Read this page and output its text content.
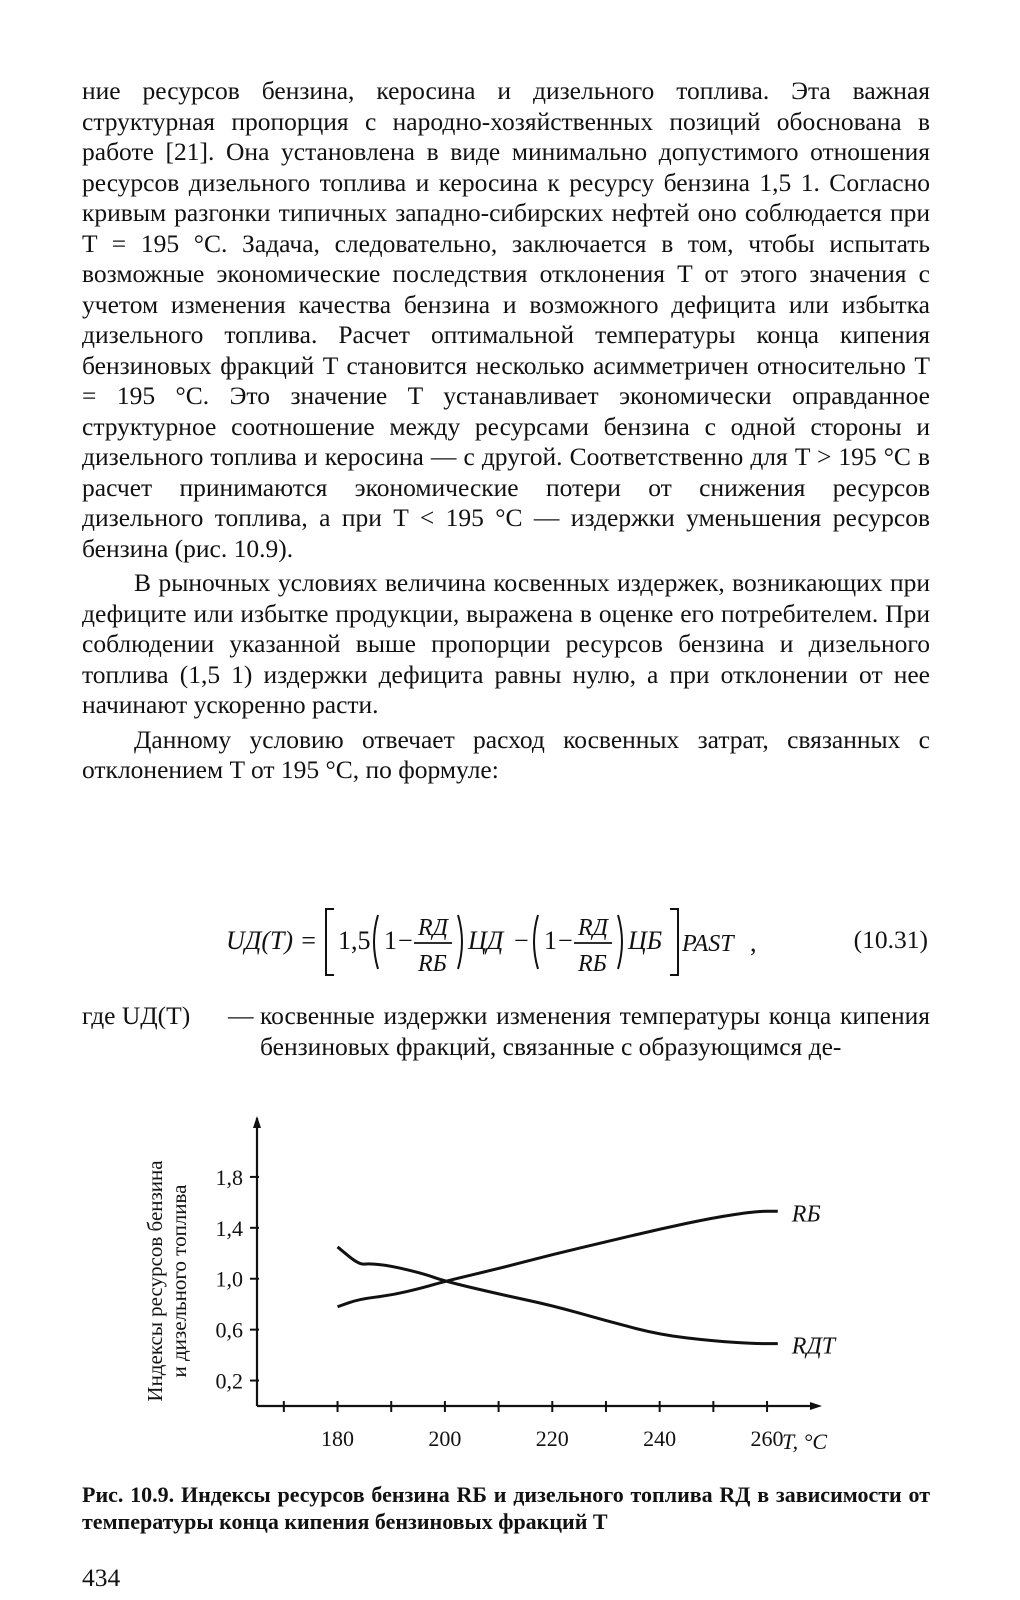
ние ресурсов бензина, керосина и дизельного топлива. Эта важная структурная пропорция с народно-хозяйственных позиций обоснована в работе [21]. Она установлена в виде минимально допустимого отношения ресурсов дизельного топлива и керосина к ресурсу бензина 1,5 1. Согласно кривым разгонки типичных западно-сибирских нефтей оно соблюдается при T = 195 °C. Задача, следовательно, заключается в том, чтобы испытать возможные экономические последствия отклонения T от этого значения с учетом изменения качества бензина и возможного дефицита или избытка дизельного топлива. Расчет оптимальной температуры конца кипения бензиновых фракций T становится несколько асимметричен относительно T = 195 °C. Это значение T устанавливает экономически оправданное структурное соотношение между ресурсами бензина с одной стороны и дизельного топлива и керосина — с другой. Соответственно для T > 195 °C в расчет принимаются экономические потери от снижения ресурсов дизельного топлива, а при T < 195 °C — издержки уменьшения ресурсов бензина (рис. 10.9).

В рыночных условиях величина косвенных издержек, возникающих при дефиците или избытке продукции, выражена в оценке его потребителем. При соблюдении указанной выше пропорции ресурсов бензина и дизельного топлива (1,5 1) издержки дефицита равны нулю, а при отклонении от нее начинают ускоренно расти.

Данному условию отвечает расход косвенных затрат, связанных с отклонением T от 195 °C, по формуле:

UД(T) = 1,5 1 − RД
RБ
ЦД − 1 − RД
RБ
ЦБ PAST ,	(10.31)
где UД(T) — косвенные издержки изменения температуры конца кипения бензиновых фракций, связанные с образующимся де-
Индексы ресурсов бензина и дизельного топлива
180	200	220	240	260
1,8
1,4
1,0
0,6
0,2
RБ
RДТ
T, °C
Рис. 10.9. Индексы ресурсов бензина RБ и дизельного топлива RД в зависимости от температуры конца кипения бензиновых фракций T
434
